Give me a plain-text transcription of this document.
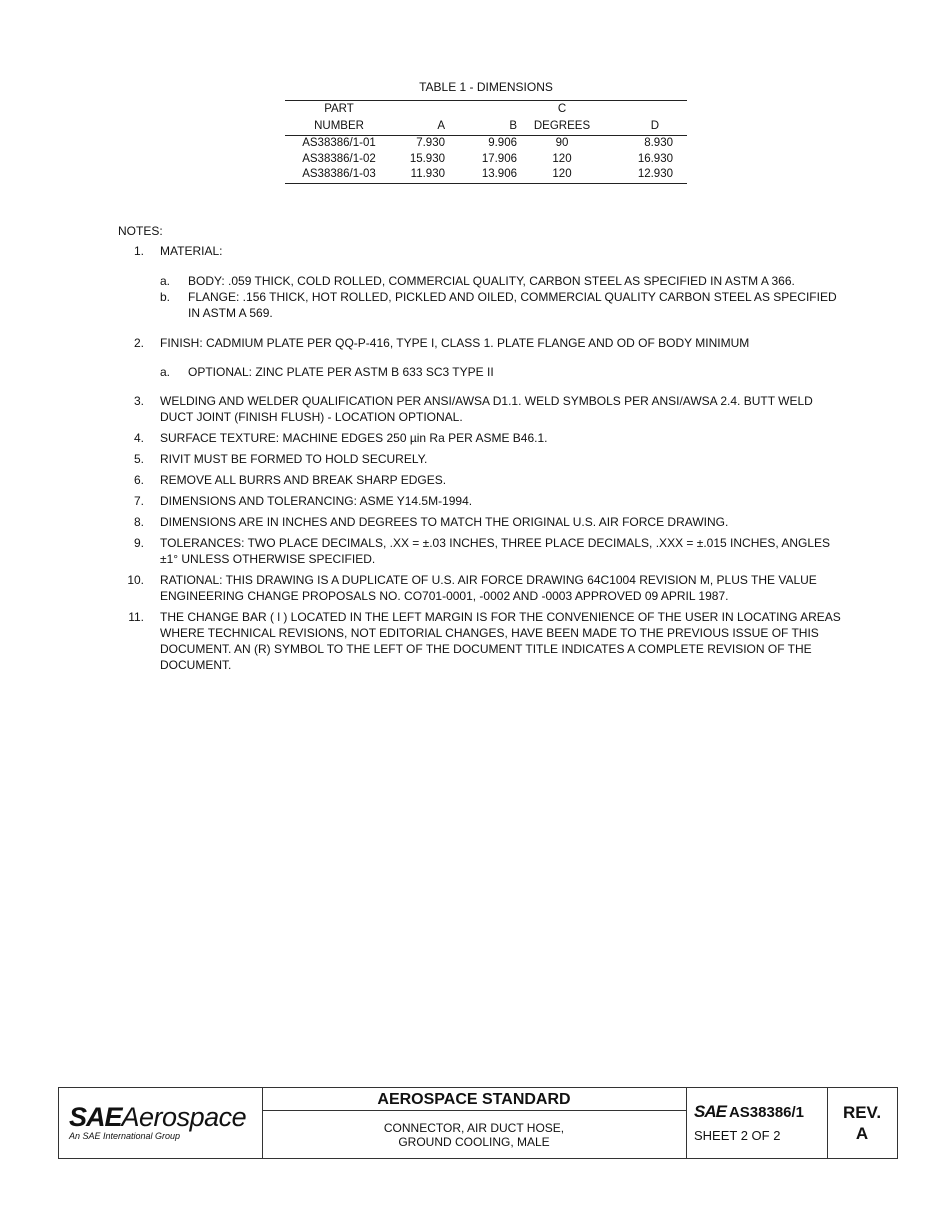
TABLE 1 - DIMENSIONS
PART			C	
NUMBER	A	B	DEGREES	D
AS38386/1-01	7.930	9.906	90	8.930
AS38386/1-02	15.930	17.906	120	16.930
AS38386/1-03	11.930	13.906	120	12.930
NOTES:
1. MATERIAL:
a. BODY: .059 THICK, COLD ROLLED, COMMERCIAL QUALITY, CARBON STEEL AS SPECIFIED IN ASTM A 366.
b. FLANGE: .156 THICK, HOT ROLLED, PICKLED AND OILED, COMMERCIAL QUALITY CARBON STEEL AS SPECIFIED IN ASTM A 569.
2. FINISH: CADMIUM PLATE PER QQ-P-416, TYPE I, CLASS 1. PLATE FLANGE AND OD OF BODY MINIMUM
a. OPTIONAL: ZINC PLATE PER ASTM B 633 SC3 TYPE II
3. WELDING AND WELDER QUALIFICATION PER ANSI/AWSA D1.1. WELD SYMBOLS PER ANSI/AWSA 2.4. BUTT WELD DUCT JOINT (FINISH FLUSH) - LOCATION OPTIONAL.
4. SURFACE TEXTURE: MACHINE EDGES 250 µin Ra PER ASME B46.1.
5. RIVIT MUST BE FORMED TO HOLD SECURELY.
6. REMOVE ALL BURRS AND BREAK SHARP EDGES.
7. DIMENSIONS AND TOLERANCING: ASME Y14.5M-1994.
8. DIMENSIONS ARE IN INCHES AND DEGREES TO MATCH THE ORIGINAL U.S. AIR FORCE DRAWING.
9. TOLERANCES: TWO PLACE DECIMALS, .XX = ±.03 INCHES, THREE PLACE DECIMALS, .XXX = ±.015 INCHES, ANGLES ±1° UNLESS OTHERWISE SPECIFIED.
10. RATIONAL: THIS DRAWING IS A DUPLICATE OF U.S. AIR FORCE DRAWING 64C1004 REVISION M, PLUS THE VALUE ENGINEERING CHANGE PROPOSALS NO. CO701-0001, -0002 AND -0003 APPROVED 09 APRIL 1987.
11. THE CHANGE BAR ( l ) LOCATED IN THE LEFT MARGIN IS FOR THE CONVENIENCE OF THE USER IN LOCATING AREAS WHERE TECHNICAL REVISIONS, NOT EDITORIAL CHANGES, HAVE BEEN MADE TO THE PREVIOUS ISSUE OF THIS DOCUMENT. AN (R) SYMBOL TO THE LEFT OF THE DOCUMENT TITLE INDICATES A COMPLETE REVISION OF THE DOCUMENT.
SAEAerospace
An SAE International Group
AEROSPACE STANDARD
CONNECTOR, AIR DUCT HOSE,
GROUND COOLING, MALE
SAE AS38386/1
SHEET 2 OF 2
REV.
A
